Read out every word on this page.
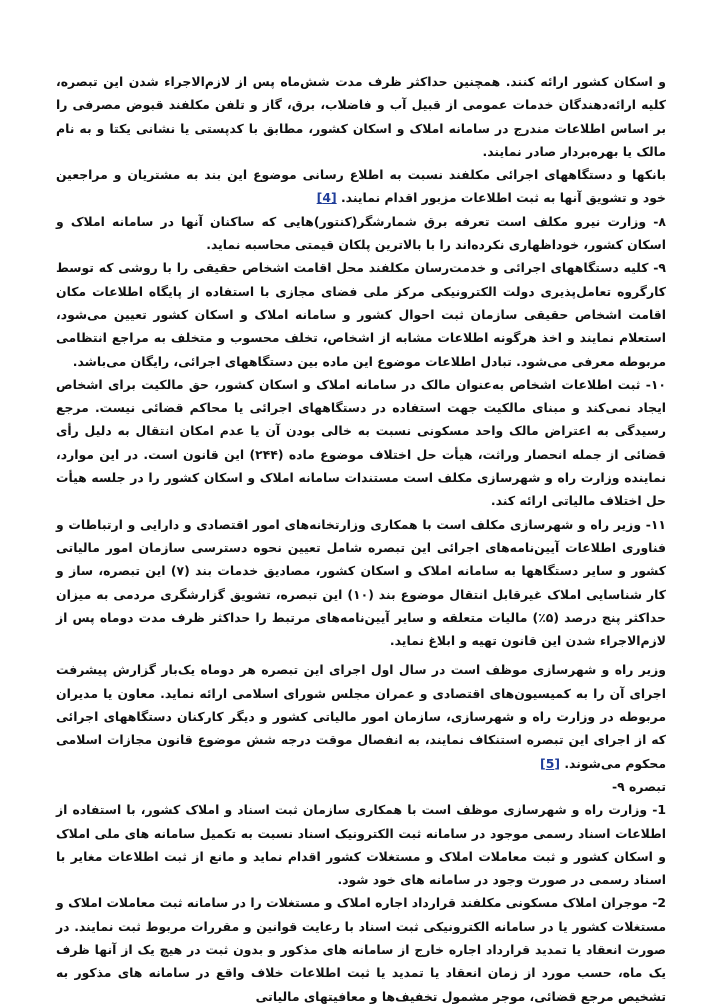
و اسکان کشور ارائه کنند. همچنین حداکثر ظرف مدت شش‌ماه پس از لازم‌الاجراء شدن این تبصره، کلیه ارائه‌دهندگان خدمات عمومی از قبیل آب و فاضلاب، برق، گاز و تلفن مکلفند قبوض مصرفی را بر اساس اطلاعات مندرج در سامانه املاک و اسکان کشور، مطابق با کدپستی یا نشانی یکتا و به نام مالک یا بهره‌بردار صادر نمایند.

بانکها و دستگاههای اجرائی مکلفند نسبت به اطلاع رسانی موضوع این بند به مشتریان و مراجعین خود و تشویق آنها به ثبت اطلاعات مزبور اقدام نمایند. [4]

۸- وزارت نیرو مکلف است تعرفه برق شمارشگر(کنتور)هایی که ساکنان آنها در سامانه املاک و اسکان کشور، خوداظهاری نکرده‌اند را با بالاترین پلکان قیمتی محاسبه نماید.

۹- کلیه دستگاههای اجرائی و خدمت‌رسان مکلفند محل اقامت اشخاص حقیقی را با روشی که توسط کارگروه تعامل‌پذیری دولت الکترونیکی مرکز ملی فضای مجازی با استفاده از پایگاه اطلاعات مکان اقامت اشخاص حقیقی سازمان ثبت احوال کشور و سامانه املاک و اسکان کشور تعیین می‌شود، استعلام نمایند و اخذ هرگونه اطلاعات مشابه از اشخاص، تخلف محسوب و متخلف به مراجع انتظامی مربوطه معرفی می‌شود. تبادل اطلاعات موضوع این ماده بین دستگاههای اجرائی، رایگان می‌باشد.

۱۰- ثبت اطلاعات اشخاص به‌عنوان مالک در سامانه املاک و اسکان کشور، حق مالکیت برای اشخاص ایجاد نمی‌کند و مبنای مالکیت جهت استفاده در دستگاههای اجرائی یا محاکم قضائی نیست. مرجع رسیدگی به اعتراض مالک واحد مسکونی نسبت به خالی بودن آن یا عدم امکان انتقال به دلیل رأی قضائی از جمله انحصار وراثت، هیأت حل اختلاف موضوع ماده (۲۴۴) این قانون است. در این موارد، نماینده وزارت راه و شهرسازی مکلف است مستندات سامانه املاک و اسکان کشور را در جلسه هیأت حل اختلاف مالیاتی ارائه کند.

۱۱- وزیر راه و شهرسازی مکلف است با همکاری وزارتخانه‌های امور اقتصادی و دارایی و ارتباطات و فناوری اطلاعات آیین‌نامه‌های اجرائی این تبصره شامل تعیین نحوه دسترسی سازمان امور مالیاتی کشور و سایر دستگاهها به سامانه املاک و اسکان کشور، مصادیق خدمات بند (۷) این تبصره، ساز و کار شناسایی املاک غیرقابل انتقال موضوع بند (۱۰) این تبصره، تشویق گزارشگری مردمی به میزان حداکثر پنج درصد (۵٪) مالیات متعلقه و سایر آیین‌نامه‌های مرتبط را حداکثر ظرف مدت دوماه پس از لازم‌الاجراء شدن این قانون تهیه و ابلاغ نماید.

وزیر راه و شهرسازی موظف است در سال اول اجرای این تبصره هر دوماه یک‌بار گزارش پیشرفت اجرای آن را به کمیسیون‌های اقتصادی و عمران مجلس شورای اسلامی ارائه نماید. معاون یا مدیران مربوطه در وزارت راه و شهرسازی، سازمان امور مالیاتی کشور و دیگر کارکنان دستگاههای اجرائی که از اجرای این تبصره استنکاف نمایند، به انفصال موقت درجه شش موضوع قانون مجازات اسلامی محکوم می‌شوند. [5]

تبصره ۹-

1- وزارت راه و شهرسازی موظف است با همکاری سازمان ثبت اسناد و املاک کشور، با استفاده از اطلاعات اسناد رسمی موجود در سامانه ثبت الکترونیک اسناد نسبت به تکمیل سامانه های ملی املاک و اسکان کشور و ثبت معاملات املاک و مستغلات کشور اقدام نماید و مانع از ثبت اطلاعات مغایر با اسناد رسمی در صورت وجود در سامانه های خود شود.

2- موجران املاک مسکونی مکلفند قرارداد اجاره املاک و مستغلات را در سامانه ثبت معاملات املاک و مستغلات کشور یا در سامانه الکترونیکی ثبت اسناد با رعایت قوانین و مقررات مربوط ثبت نمایند. در صورت انعقاد یا تمدید قرارداد اجاره خارج از سامانه های مذکور و بدون ثبت در هیچ یک از آنها ظرف یک ماه، حسب مورد از زمان انعقاد یا تمدید یا ثبت اطلاعات خلاف واقع در سامانه های مذکور به تشخیص مرجع قضائی، موجر مشمول تخفیف‌ها و معافیتهای مالیاتی
